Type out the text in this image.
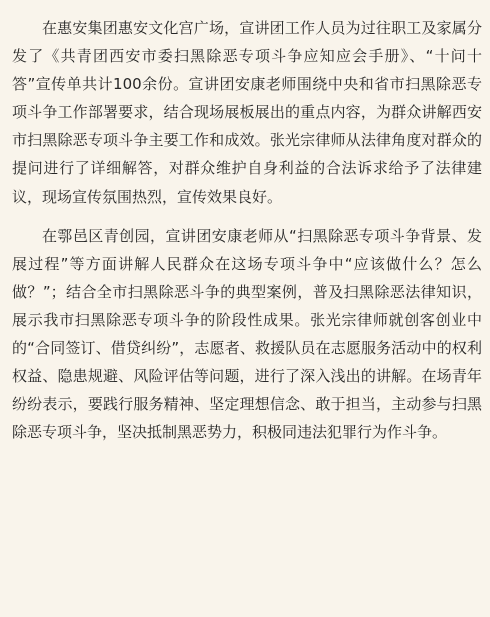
在惠安集团惠安文化宫广场，宣讲团工作人员为过往职工及家属分发了《共青团西安市委扫黑除恶专项斗争应知应会手册》、“十问十答”宣传单共计100余份。宣讲团安康老师围绕中央和省市扫黑除恶专项斗争工作部署要求，结合现场展板展出的重点内容，为群众讲解西安市扫黑除恶专项斗争主要工作和成效。张光宗律师从法律角度对群众的提问进行了详细解答，对群众维护自身利益的合法诉求给予了法律建议，现场宣传氛围热烈，宣传效果良好。

在鄠邑区青创园，宣讲团安康老师从“扫黑除恶专项斗争背景、发展过程”等方面讲解人民群众在这场专项斗争中“应该做什么？怎么做？”；结合全市扫黑除恶斗争的典型案例，普及扫黑除恶法律知识，展示我市扫黑除恶专项斗争的阶段性成果。张光宗律师就创客创业中的“合同签订、借贷纠纷”，志愿者、救援队员在志愿服务活动中的权利权益、隐患规避、风险评估等问题，进行了深入浅出的讲解。在场青年纷纷表示，要践行服务精神、坚定理想信念、敢于担当，主动参与扫黑除恶专项斗争，坚决抵制黑恶势力，积极同违法犯罪行为作斗争。
